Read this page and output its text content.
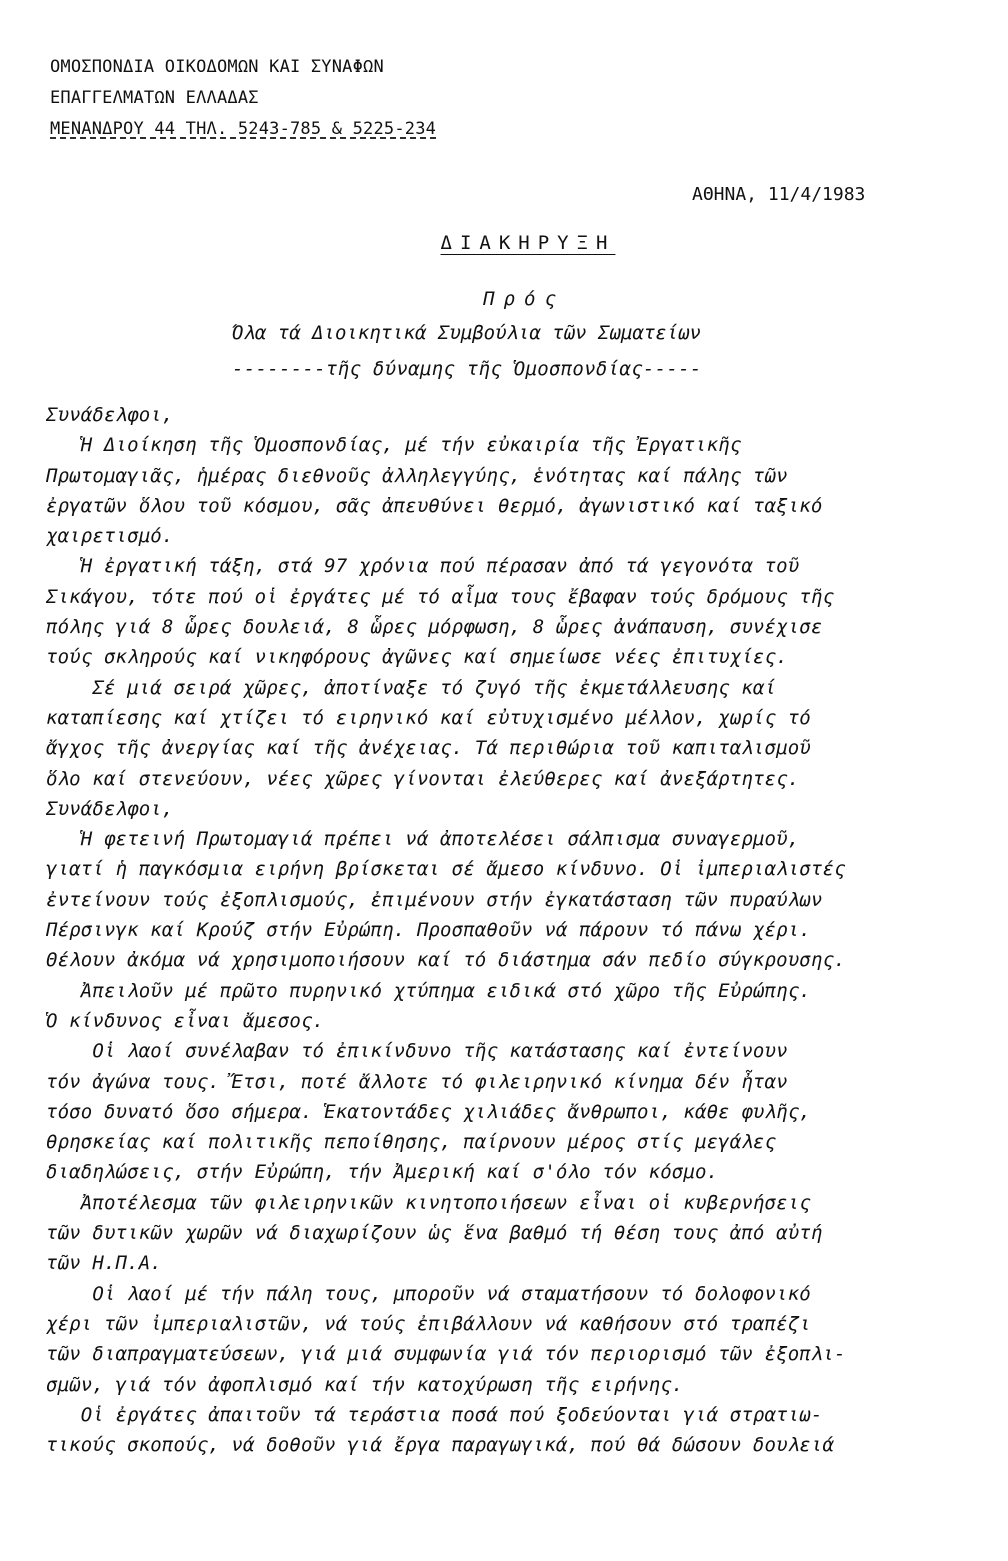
ΟΜΟΣΠΟΝΔΙΑ ΟΙΚΟΔΟΜΩΝ ΚΑΙ ΣΥΝΑΦΩΝ
ΕΠΑΓΓΕΛΜΑΤΩΝ ΕΛΛΑΔΑΣ
ΜΕΝΑΝΔΡΟΥ 44 ΤΗΛ. 5243-785 & 5225-234
ΑΘΗΝΑ, 11/4/1983
ΔΙΑΚΗΡΥΞΗ
Πρός
Όλα τά Διοικητικά Συμβούλια τῶν Σωματείων
--------τῆς δύναμης τῆς Ὁμοσπονδίας-----
Συνάδελφοι,
Ἡ Διοίκηση τῆς Ὁμοσπονδίας, μέ τήν εὐκαιρία τῆς Ἐργατικῆς
Πρωτομαγιᾶς, ἡμέρας διεθνοῦς ἀλληλεγγύης, ἑνότητας καί πάλης τῶν
ἐργατῶν ὅλου τοῦ κόσμου, σᾶς ἀπευθύνει θερμό, ἀγωνιστικό καί ταξικό
χαιρετισμό.
Ἡ ἐργατική τάξη, στά 97 χρόνια πού πέρασαν ἀπό τά γεγονότα τοῦ
Σικάγου, τότε πού οἱ ἐργάτες μέ τό αἷμα τους ἔβαφαν τούς δρόμους τῆς
πόλης γιά 8 ὧρες δουλειά, 8 ὧρες μόρφωση, 8 ὧρες ἀνάπαυση, συνέχισε
τούς σκληρούς καί νικηφόρους ἀγῶνες καί σημείωσε νέες ἐπιτυχίες.
Σέ μιά σειρά χῶρες, ἀποτίναξε τό ζυγό τῆς ἐκμετάλλευσης καί
καταπίεσης καί χτίζει τό ειρηνικό καί εὐτυχισμένο μέλλον, χωρίς τό
ἄγχος τῆς ἀνεργίας καί τῆς ἀνέχειας. Τά περιθώρια τοῦ καπιταλισμοῦ
ὅλο καί στενεύουν, νέες χῶρες γίνονται ἐλεύθερες καί ἀνεξάρτητες.
Συνάδελφοι,
Ἡ φετεινή Πρωτομαγιά πρέπει νά ἀποτελέσει σάλπισμα συναγερμοῦ,
γιατί ἡ παγκόσμια ειρήνη βρίσκεται σέ ἄμεσο κίνδυνο. Οἱ ἰμπεριαλιστές
ἐντείνουν τούς ἐξοπλισμούς, ἐπιμένουν στήν ἐγκατάσταση τῶν πυραύλων
Πέρσινγκ καί Κρούζ στήν Εὐρώπη. Προσπαθοῦν νά πάρουν τό πάνω χέρι.
Θέλουν ἀκόμα νά χρησιμοποιήσουν καί τό διάστημα σάν πεδίο σύγκρουσης.
Ἀπειλοῦν μέ πρῶτο πυρηνικό χτύπημα ειδικά στό χῶρο τῆς Εὐρώπης.
Ὁ κίνδυνος εἶναι ἄμεσος.
Οἱ λαοί συνέλαβαν τό ἐπικίνδυνο τῆς κατάστασης καί ἐντείνουν
τόν ἀγώνα τους. Ἔτσι, ποτέ ἄλλοτε τό φιλειρηνικό κίνημα δέν ἦταν
τόσο δυνατό ὅσο σήμερα. Ἑκατοντάδες χιλιάδες ἄνθρωποι, κάθε φυλῆς,
θρησκείας καί πολιτικῆς πεποίθησης, παίρνουν μέρος στίς μεγάλες
διαδηλώσεις, στήν Εὐρώπη, τήν Ἀμερική καί σ'όλο τόν κόσμο.
Ἀποτέλεσμα τῶν φιλειρηνικῶν κινητοποιήσεων εἶναι οἱ κυβερνήσεις
τῶν δυτικῶν χωρῶν νά διαχωρίζουν ὡς ἕνα βαθμό τή θέση τους ἀπό αὐτή
τῶν Η.Π.Α.
Οἱ λαοί μέ τήν πάλη τους, μποροῦν νά σταματήσουν τό δολοφονικό
χέρι τῶν ἰμπεριαλιστῶν, νά τούς ἐπιβάλλουν νά καθήσουν στό τραπέζι
τῶν διαπραγματεύσεων, γιά μιά συμφωνία γιά τόν περιορισμό τῶν ἐξοπλι-
σμῶν, γιά τόν ἀφοπλισμό καί τήν κατοχύρωση τῆς ειρήνης.
Οἱ ἐργάτες ἀπαιτοῦν τά τεράστια ποσά πού ξοδεύονται γιά στρατιω-
τικούς σκοπούς, νά δοθοῦν γιά ἔργα παραγωγικά, πού θά δώσουν δουλειά
